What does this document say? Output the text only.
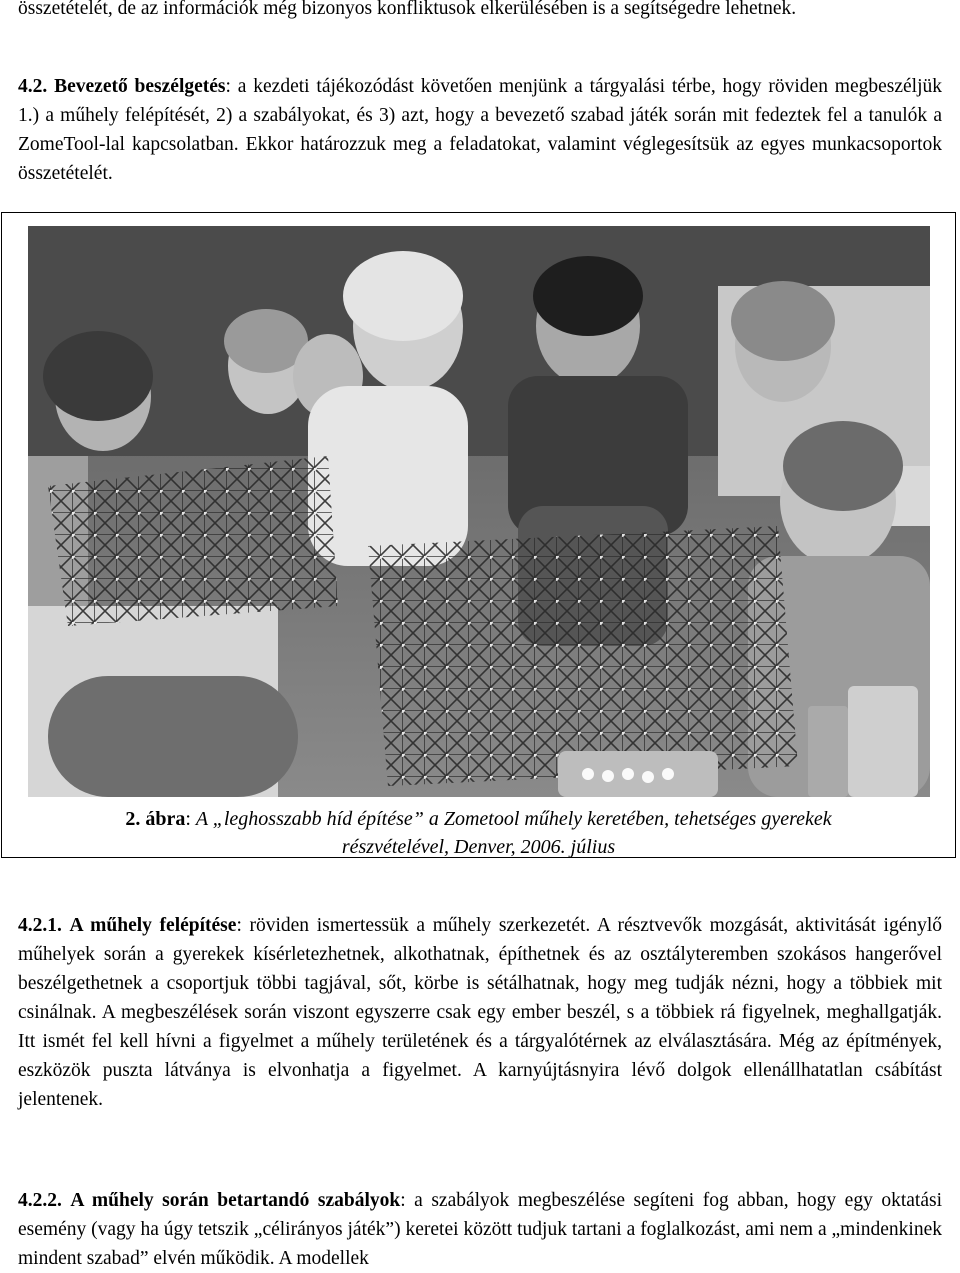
összetételét, de az információk még bizonyos konfliktusok elkerülésében is a segítségedre lehetnek.

4.2. Bevezető beszélgetés: a kezdeti tájékozódást követően menjünk a tárgyalási térbe, hogy röviden megbeszéljük 1.) a műhely felépítését, 2) a szabályokat, és 3) azt, hogy a bevezető szabad játék során mit fedeztek fel a tanulók a ZomeTool-lal kapcsolatban. Ekkor határozzuk meg a feladatokat, valamint véglegesítsük az egyes munkacsoportok összetételét.

2. ábra: A „leghosszabb híd építése” a Zometool műhely keretében, tehetséges gyerekek
részvételével, Denver, 2006. július

4.2.1. A műhely felépítése: röviden ismertessük a műhely szerkezetét. A résztvevők mozgását, aktivitását igénylő műhelyek során a gyerekek kísérletezhetnek, alkothatnak, építhetnek és az osztályteremben szokásos hangerővel beszélgethetnek a csoportjuk többi tagjával, sőt, körbe is sétálhatnak, hogy meg tudják nézni, hogy a többiek mit csinálnak. A megbeszélések során viszont egyszerre csak egy ember beszél, s a többiek rá figyelnek, meghallgatják. Itt ismét fel kell hívni a figyelmet a műhely területének és a tárgyalótérnek az elválasztására. Még az építmények, eszközök puszta látványa is elvonhatja a figyelmet. A karnyújtásnyira lévő dolgok ellenállhatatlan csábítást jelentenek.

4.2.2. A műhely során betartandó szabályok: a szabályok megbeszélése segíteni fog abban, hogy egy oktatási esemény (vagy ha úgy tetszik „célirányos játék”) keretei között tudjuk tartani a foglalkozást, ami nem a „mindenkinek mindent szabad” elvén működik. A modellek
